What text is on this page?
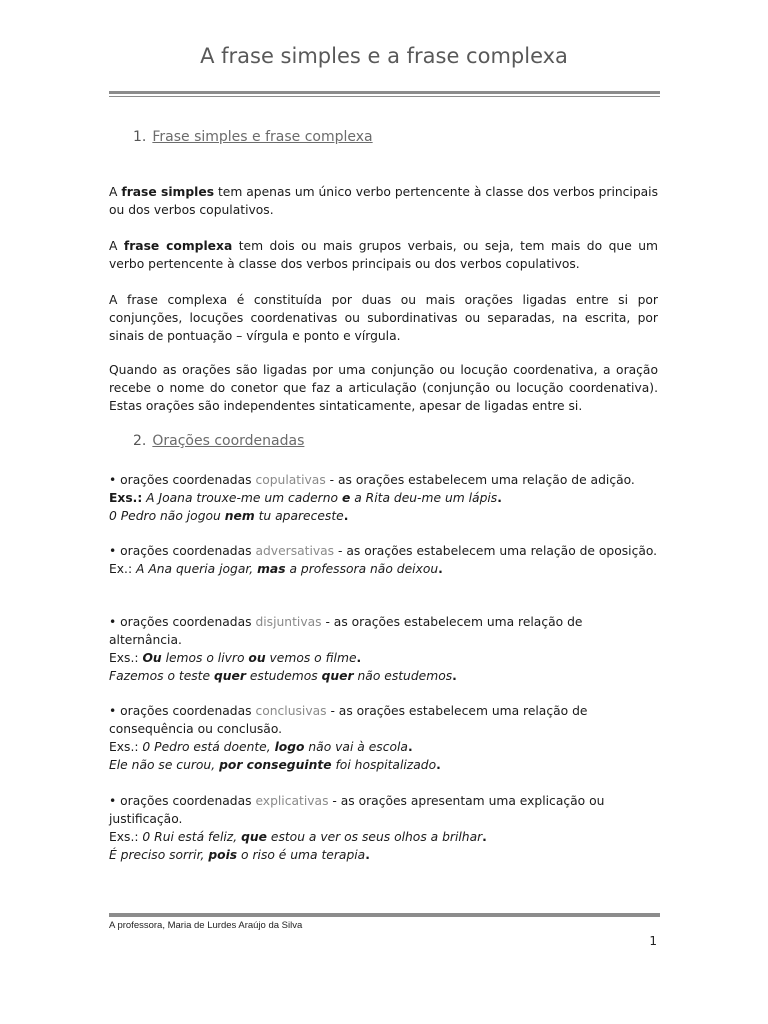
A frase simples e a frase complexa
1. Frase simples e frase complexa

A frase simples tem apenas um único verbo pertencente à classe dos verbos principais ou dos verbos copulativos.

A frase complexa tem dois ou mais grupos verbais, ou seja, tem mais do que um verbo pertencente à classe dos verbos principais ou dos verbos copulativos.

A frase complexa é constituída por duas ou mais orações ligadas entre si por conjunções, locuções coordenativas ou subordinativas ou separadas, na escrita, por sinais de pontuação – vírgula e ponto e vírgula.

Quando as orações são ligadas por uma conjunção ou locução coordenativa, a oração recebe o nome do conetor que faz a articulação (conjunção ou locução coordenativa). Estas orações são independentes sintaticamente, apesar de ligadas entre si.

2. Orações coordenadas
• orações coordenadas copulativas - as orações estabelecem uma relação de adição.
Exs.: A Joana trouxe-me um caderno e a Rita deu-me um lápis.
0 Pedro não jogou nem tu apareceste.
• orações coordenadas adversativas - as orações estabelecem uma relação de oposição.
Ex.: A Ana queria jogar, mas a professora não deixou.
• orações coordenadas disjuntivas - as orações estabelecem uma relação de alternância.
Exs.: Ou lemos o livro ou vemos o filme.
Fazemos o teste quer estudemos quer não estudemos.
• orações coordenadas conclusivas - as orações estabelecem uma relação de consequência ou conclusão.
Exs.: 0 Pedro está doente, logo não vai à escola.
Ele não se curou, por conseguinte foi hospitalizado.
• orações coordenadas explicativas - as orações apresentam uma explicação ou justificação.
Exs.: 0 Rui está feliz, que estou a ver os seus olhos a brilhar.
É preciso sorrir, pois o riso é uma terapia.

A professora, Maria de Lurdes Araújo da Silva

1
